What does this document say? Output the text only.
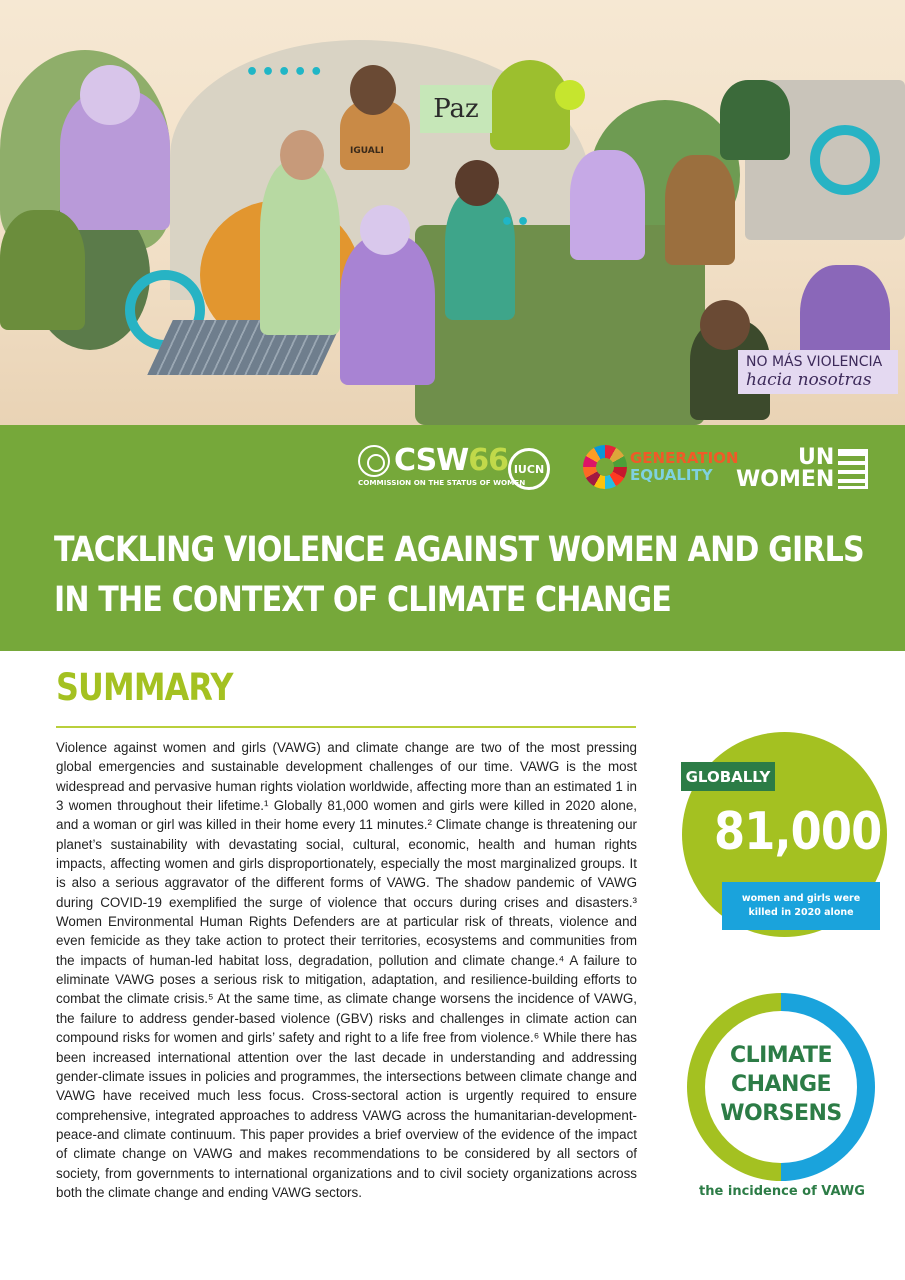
Paz
IGUALI
NO MÁS VIOLENCIA
hacia nosotras
•••••
••
CSW66
COMMISSION ON THE STATUS OF WOMEN
IUCN
GENERATION
EQUALITY
UN
WOMEN
TACKLING VIOLENCE AGAINST WOMEN AND GIRLS
IN THE CONTEXT OF CLIMATE CHANGE
SUMMARY

Violence against women and girls (VAWG) and climate change are two of the most pressing global emergencies and sustainable development challenges of our time. VAWG is the most widespread and pervasive human rights violation worldwide, affecting more than an estimated 1 in 3 women throughout their lifetime.¹ Globally 81,000 women and girls were killed in 2020 alone, and a woman or girl was killed in their home every 11 minutes.² Climate change is threatening our planet’s sustainability with devastating social, cultural, economic, health and human rights impacts, affecting women and girls disproportionately, especially the most marginalized groups. It is also a serious aggravator of the different forms of VAWG. The shadow pandemic of VAWG during COVID-19 exemplified the surge of violence that occurs during crises and disasters.³ Women Environmental Human Rights Defenders are at particular risk of threats, violence and even femicide as they take action to protect their territories, ecosystems and communities from the impacts of human-led habitat loss, degradation, pollution and climate change.⁴ A failure to eliminate VAWG poses a serious risk to mitigation, adaptation, and resilience-building efforts to combat the climate crisis.⁵ At the same time, as climate change worsens the incidence of VAWG, the failure to address gender-based violence (GBV) risks and challenges in climate action can compound risks for women and girls’ safety and right to a life free from violence.⁶ While there has been increased international attention over the last decade in understanding and addressing gender-climate issues in policies and programmes, the intersections between climate change and VAWG have received much less focus. Cross-sectoral action is urgently required to ensure comprehensive, integrated approaches to address VAWG across the humanitarian-development-peace-and climate continuum. This paper provides a brief overview of the evidence of the impact of climate change on VAWG and makes recommendations to be considered by all sectors of society, from governments to international organizations and to civil society organizations across both the climate change and ending VAWG sectors.

GLOBALLY
81,000
women and girls were
killed in 2020 alone
CLIMATE
CHANGE
WORSENS
the incidence of VAWG
